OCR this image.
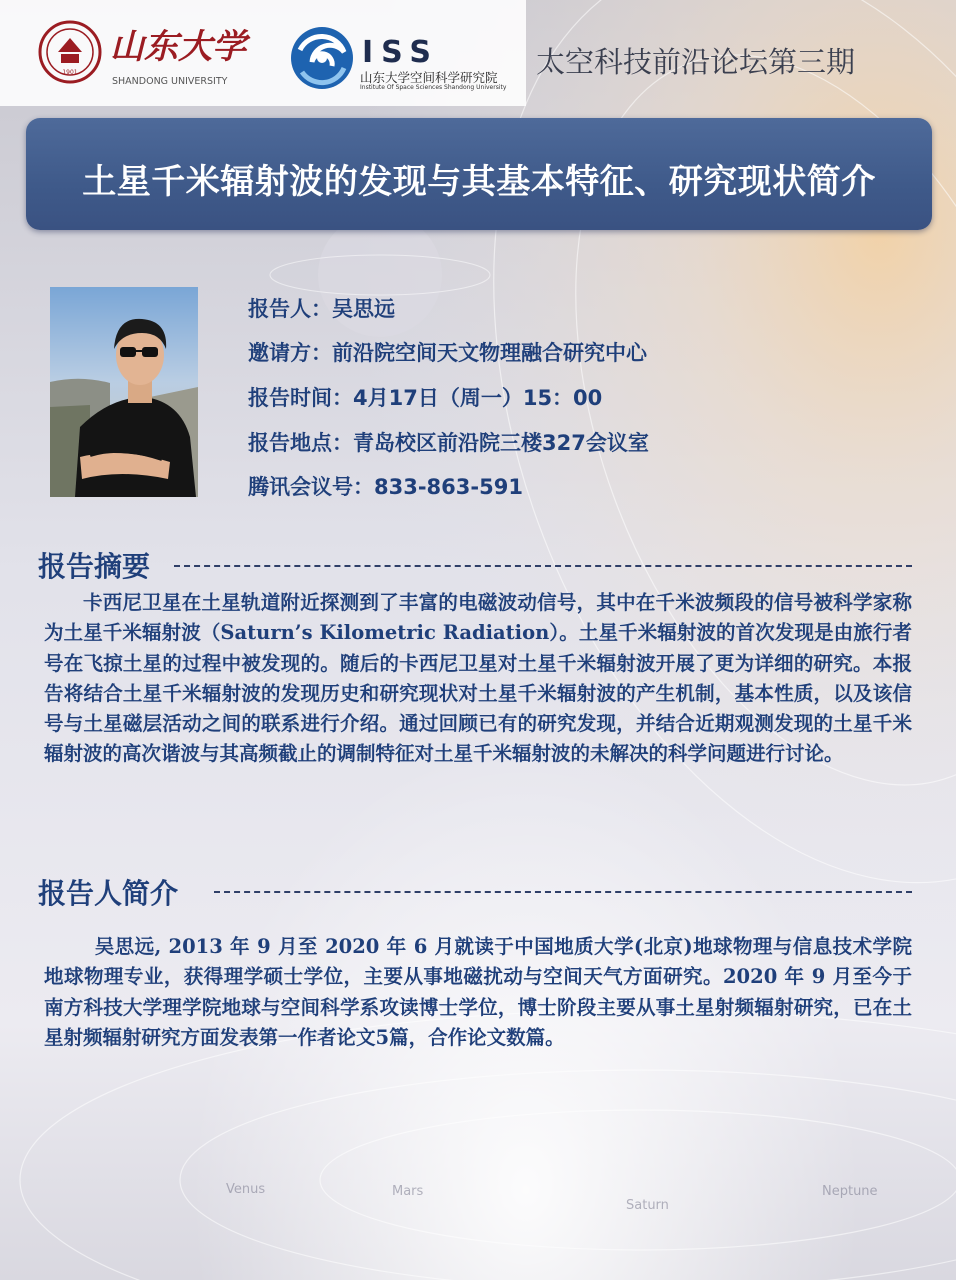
Venus	Mars
Saturn
Neptune
1901
山东大学
SHANDONG UNIVERSITY
ISS
山东大学空间科学研究院
Institute Of Space Sciences Shandong University
太空科技前沿论坛第三期
土星千米辐射波的发现与其基本特征、研究现状简介
报告人：吴思远
邀请方：前沿院空间天文物理融合研究中心
报告时间：4月17日（周一）15：00
报告地点：青岛校区前沿院三楼327会议室
腾讯会议号：833-863-591
报告摘要
卡西尼卫星在土星轨道附近探测到了丰富的电磁波动信号，其中在千米波频段的信号被科学家称为土星千米辐射波（Saturn’s Kilometric Radiation）。土星千米辐射波的首次发现是由旅行者号在飞掠土星的过程中被发现的。随后的卡西尼卫星对土星千米辐射波开展了更为详细的研究。本报告将结合土星千米辐射波的发现历史和研究现状对土星千米辐射波的产生机制，基本性质，以及该信号与土星磁层活动之间的联系进行介绍。通过回顾已有的研究发现，并结合近期观测发现的土星千米辐射波的高次谐波与其高频截止的调制特征对土星千米辐射波的未解决的科学问题进行讨论。
报告人简介
吴思远, 2013 年 9 月至 2020 年 6 月就读于中国地质大学(北京)地球物理与信息技术学院地球物理专业，获得理学硕士学位，主要从事地磁扰动与空间天气方面研究。2020 年 9 月至今于南方科技大学理学院地球与空间科学系攻读博士学位，博士阶段主要从事土星射频辐射研究，已在土星射频辐射研究方面发表第一作者论文5篇，合作论文数篇。
